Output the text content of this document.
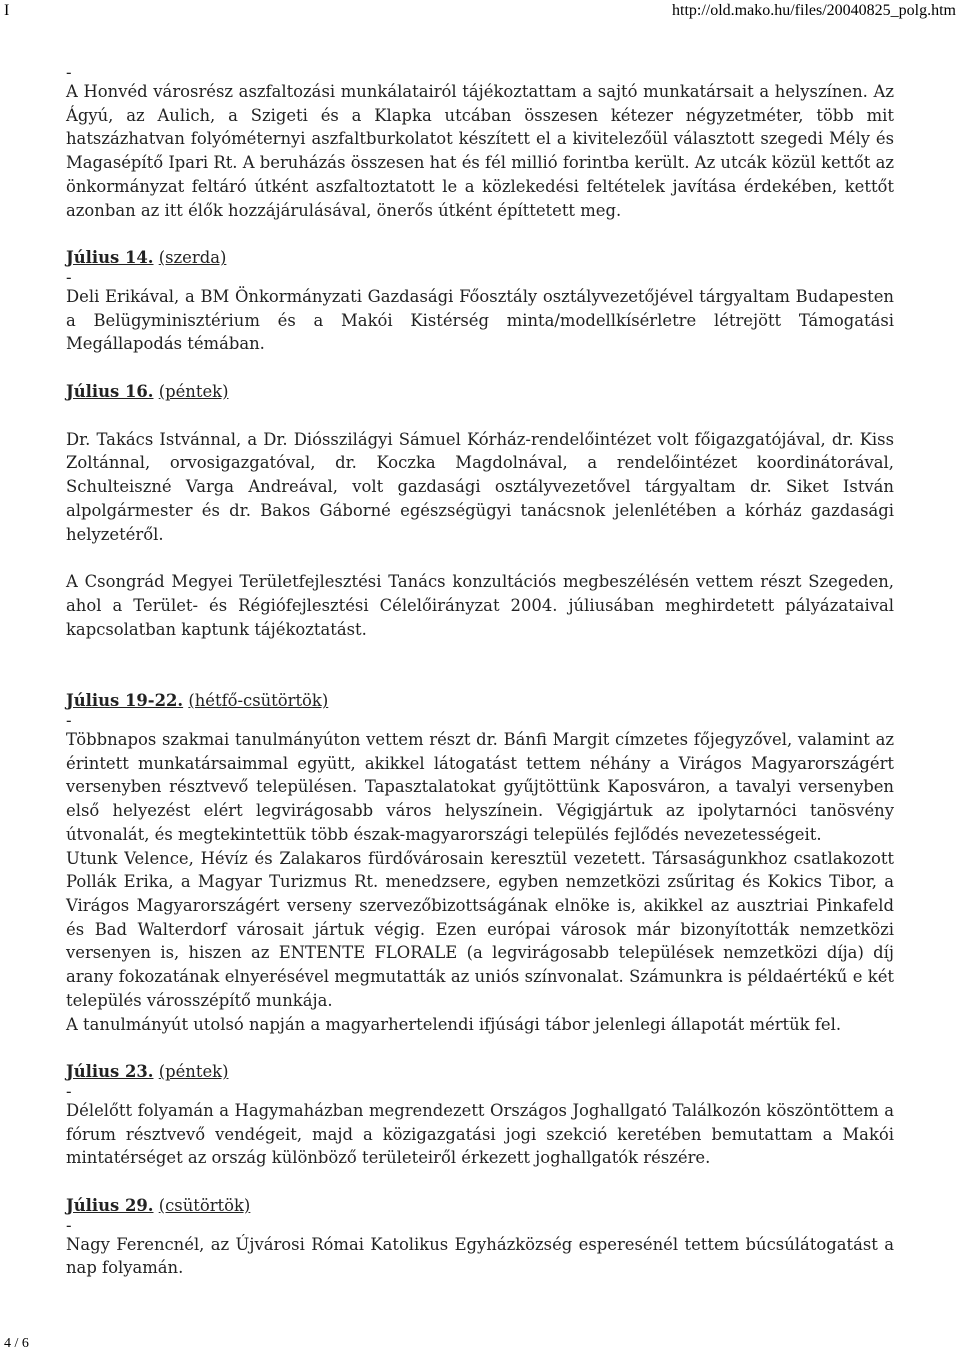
I	http://old.mako.hu/files/20040825_polg.htm
-

A Honvéd városrész aszfaltozási munkálatairól tájékoztattam a sajtó munkatársait a helyszínen. Az Ágyú, az Aulich, a Szigeti és a Klapka utcában összesen kétezer négyzetméter, több mit hatszázhatvan folyóméternyi aszfaltburkolatot készített el a kivitelezőül választott szegedi Mély és Magasépítő Ipari Rt. A beruházás összesen hat és fél millió forintba került. Az utcák közül kettőt az önkormányzat feltáró útként aszfaltoztatott le a közlekedési feltételek javítása érdekében, kettőt azonban az itt élők hozzájárulásával, önerős útként építtetett meg.

Július 14. (szerda)
-

Deli Erikával, a BM Önkormányzati Gazdasági Főosztály osztályvezetőjével tárgyaltam Budapesten a Belügyminisztérium és a Makói Kistérség minta/modellkísérletre létrejött Támogatási Megállapodás témában.

Július 16. (péntek)

Dr. Takács Istvánnal, a Dr. Diósszilágyi Sámuel Kórház-rendelőintézet volt főigazgatójával, dr. Kiss Zoltánnal, orvosigazgatóval, dr. Koczka Magdolnával, a rendelőintézet koordinátorával, Schulteiszné Varga Andreával, volt gazdasági osztályvezetővel tárgyaltam dr. Siket István alpolgármester és dr. Bakos Gáborné egészségügyi tanácsnok jelenlétében a kórház gazdasági helyzetéről.

A Csongrád Megyei Területfejlesztési Tanács konzultációs megbeszélésén vettem részt Szegeden, ahol a Terület- és Régiófejlesztési Célelőirányzat 2004. júliusában meghirdetett pályázataival kapcsolatban kaptunk tájékoztatást.

Július 19-22. (hétfő-csütörtök)
-

Többnapos szakmai tanulmányúton vettem részt dr. Bánfi Margit címzetes főjegyzővel, valamint az érintett munkatársaimmal együtt, akikkel látogatást tettem néhány a Virágos Magyarországért versenyben résztvevő településen. Tapasztalatokat gyűjtöttünk Kaposváron, a tavalyi versenyben első helyezést elért legvirágosabb város helyszínein. Végigjártuk az ipolytarnóci tanösvény útvonalát, és megtekintettük több észak-magyarországi település fejlődés nevezetességeit.

Utunk Velence, Hévíz és Zalakaros fürdővárosain keresztül vezetett. Társaságunkhoz csatlakozott Pollák Erika, a Magyar Turizmus Rt. menedzsere, egyben nemzetközi zsűritag és Kokics Tibor, a Virágos Magyarországért verseny szervezőbizottságának elnöke is, akikkel az ausztriai Pinkafeld és Bad Walterdorf városait jártuk végig. Ezen európai városok már bizonyították nemzetközi versenyen is, hiszen az ENTENTE FLORALE (a legvirágosabb települések nemzetközi díja) díj arany fokozatának elnyerésével megmutatták az uniós színvonalat. Számunkra is példaértékű e két település városszépítő munkája.

A tanulmányút utolsó napján a magyarhertelendi ifjúsági tábor jelenlegi állapotát mértük fel.

Július 23. (péntek)
-

Délelőtt folyamán a Hagymaházban megrendezett Országos Joghallgató Találkozón köszöntöttem a fórum résztvevő vendégeit, majd a közigazgatási jogi szekció keretében bemutattam a Makói mintatérséget az ország különböző területeiről érkezett joghallgatók részére.

Július 29. (csütörtök)
-

Nagy Ferencnél, az Újvárosi Római Katolikus Egyházközség esperesénél tettem búcsúlátogatást a nap folyamán.

4 / 6
